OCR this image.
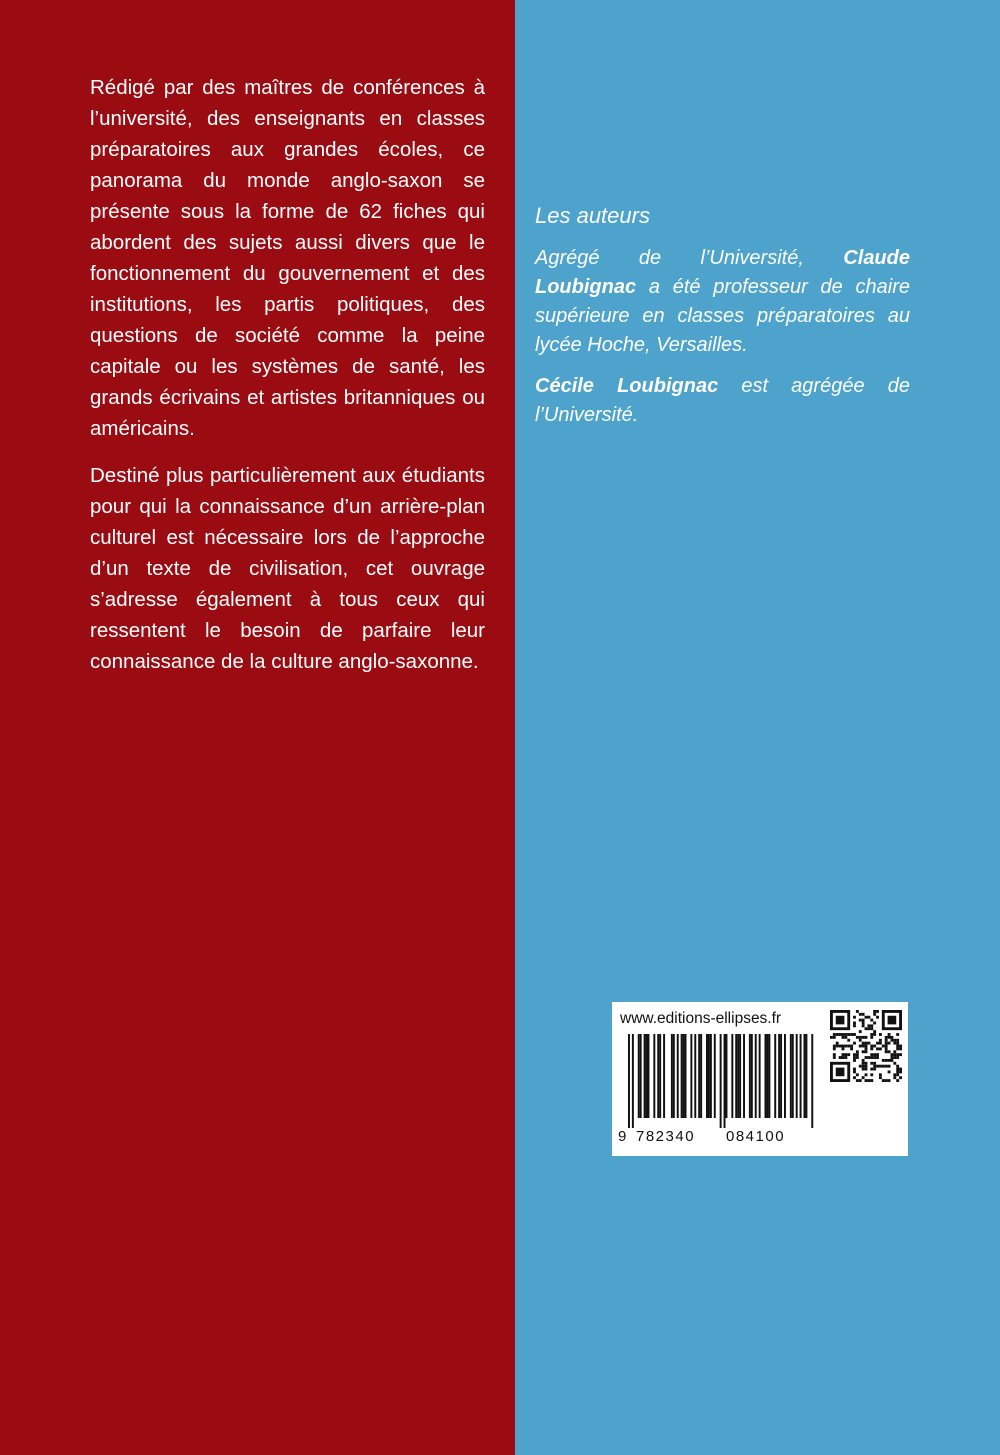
Rédigé par des maîtres de conférences à l’université, des enseignants en classes préparatoires aux grandes écoles, ce panorama du monde anglo-saxon se présente sous la forme de 62 fiches qui abordent des sujets aussi divers que le fonctionnement du gouvernement et des institutions, les partis politiques, des questions de société comme la peine capitale ou les systèmes de santé, les grands écrivains et artistes britanniques ou américains.

Destiné plus particulièrement aux étudiants pour qui la connaissance d’un arrière-plan culturel est nécessaire lors de l’approche d’un texte de civilisation, cet ouvrage s’adresse également à tous ceux qui ressentent le besoin de parfaire leur connaissance de la culture anglo-saxonne.

Les auteurs

Agrégé de l’Université, Claude Loubignac a été professeur de chaire supérieure en classes préparatoires au lycée Hoche, Versailles.

Cécile Loubignac est agrégée de l’Université.

www.editions-ellipses.fr
9 782340	084100
